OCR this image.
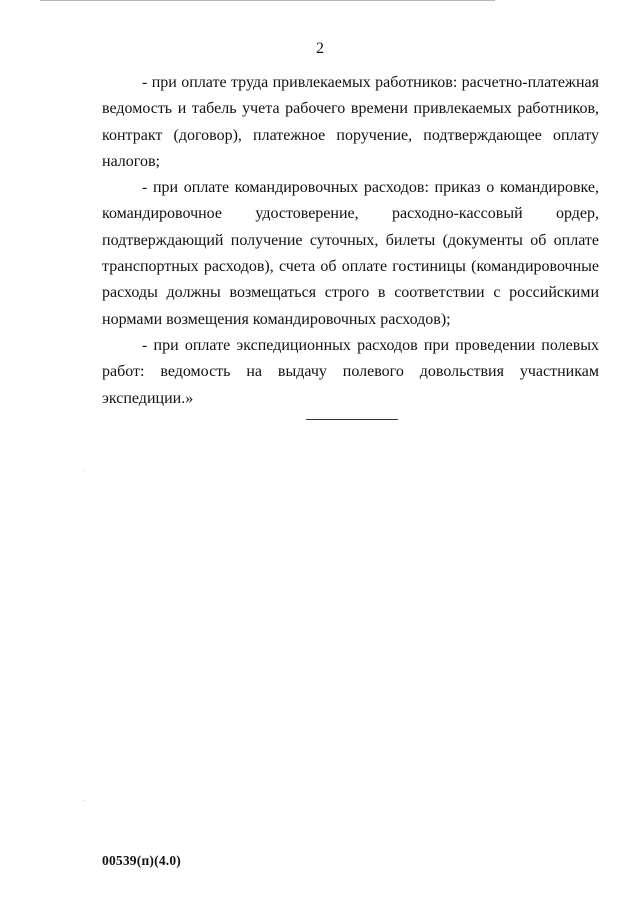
2

- при оплате труда привлекаемых работников: расчетно-платежная ведомость и табель учета рабочего времени привлекаемых работников, контракт (договор), платежное поручение, подтверждающее оплату налогов;

- при оплате командировочных расходов: приказ о командировке, командировочное удостоверение, расходно-кассовый ордер, подтверждающий получение суточных, билеты (документы об оплате транспортных расходов), счета об оплате гостиницы (командировочные расходы должны возмещаться строго в соответствии с российскими нормами возмещения командировочных расходов);

- при оплате экспедиционных расходов при проведении полевых работ: ведомость на выдачу полевого довольствия участникам экспедиции.»

00539(п)(4.0)
